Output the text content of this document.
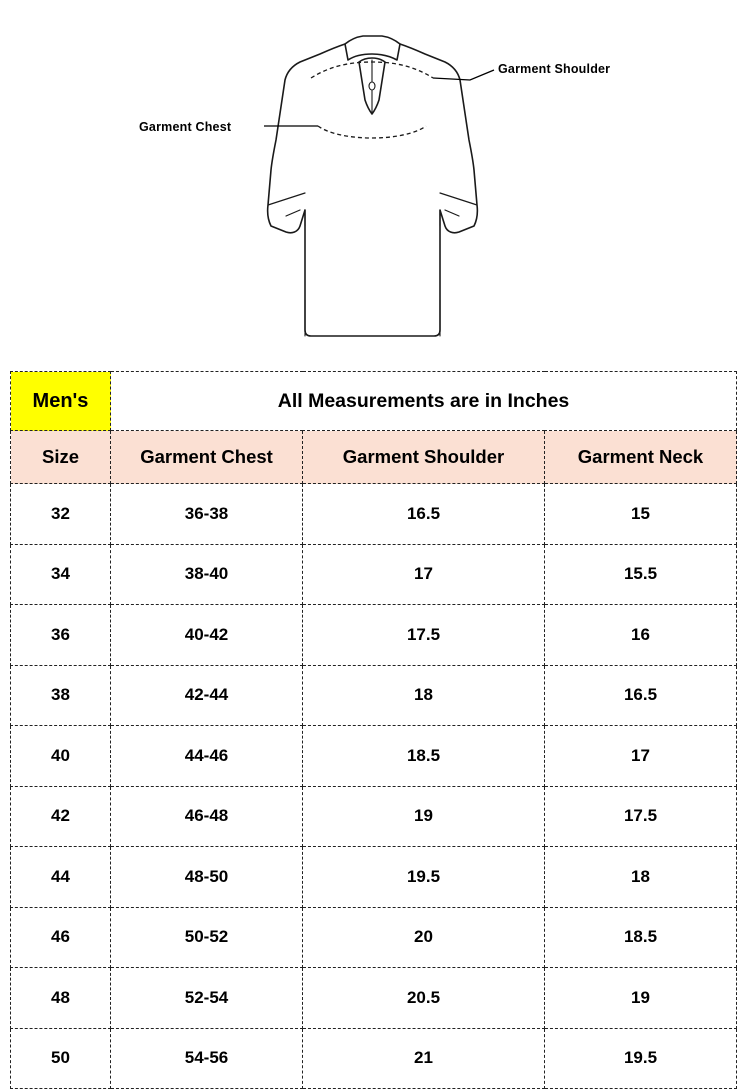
Garment Shoulder
Garment Chest
Men's	All Measurements are in Inches		
Size	Garment Chest	Garment Shoulder	Garment Neck
32	36-38	16.5	15
34	38-40	17	15.5
36	40-42	17.5	16
38	42-44	18	16.5
40	44-46	18.5	17
42	46-48	19	17.5
44	48-50	19.5	18
46	50-52	20	18.5
48	52-54	20.5	19
50	54-56	21	19.5
